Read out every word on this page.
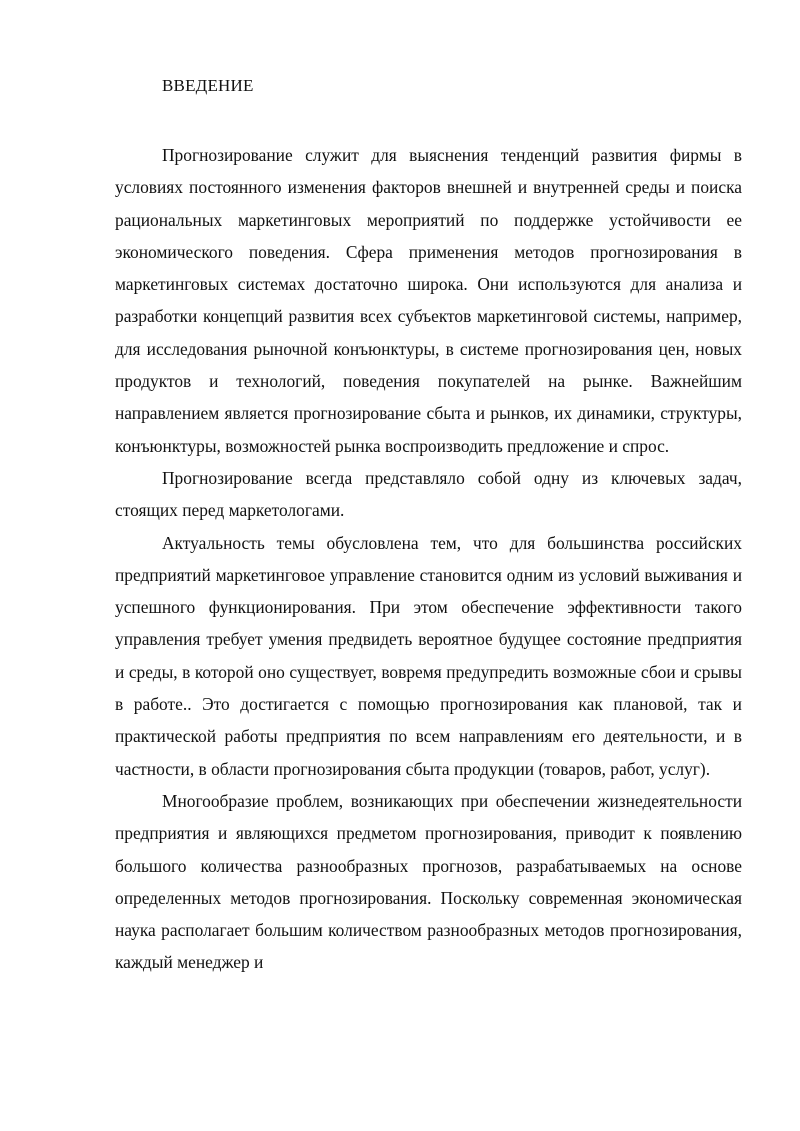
ВВЕДЕНИЕ

Прогнозирование служит для выяснения тенденций развития фирмы в условиях постоянного изменения факторов внешней и внутренней среды и поиска рациональных маркетинговых мероприятий по поддержке устойчивости ее экономического поведения. Сфера применения методов прогнозирования в маркетинговых системах достаточно широка. Они используются для анализа и разработки концепций развития всех субъектов маркетинговой системы, например, для исследования рыночной конъюнктуры, в системе прогнозирования цен, новых продуктов и технологий, поведения покупателей на рынке. Важнейшим направлением является прогнозирование сбыта и рынков, их динамики, структуры, конъюнктуры, возможностей рынка воспроизводить предложение и спрос.

Прогнозирование всегда представляло собой одну из ключевых задач, стоящих перед маркетологами.

Актуальность темы обусловлена тем, что для большинства российских предприятий маркетинговое управление становится одним из условий выживания и успешного функционирования. При этом обеспечение эффективности такого управления требует умения предвидеть вероятное будущее состояние предприятия и среды, в которой оно существует, вовремя предупредить возможные сбои и срывы в работе.. Это достигается с помощью прогнозирования как плановой, так и практической работы предприятия по всем направлениям его деятельности, и в частности, в области прогнозирования сбыта продукции (товаров, работ, услуг).

Многообразие проблем, возникающих при обеспечении жизнедеятельности предприятия и являющихся предметом прогнозирования, приводит к появлению большого количества разнообразных прогнозов, разрабатываемых на основе определенных методов прогнозирования. Поскольку современная экономическая наука располагает большим количеством разнообразных методов прогнозирования, каждый менеджер и
